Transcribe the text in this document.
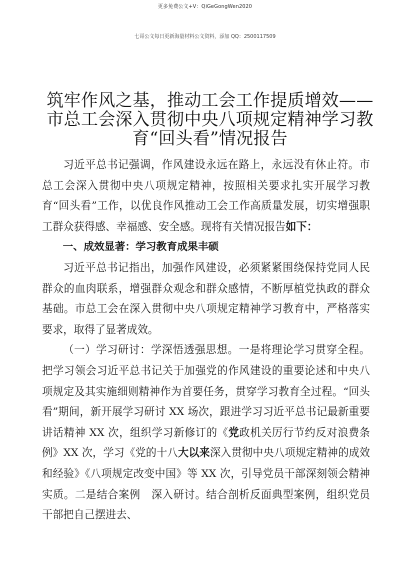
更多免费公文+V：QiGeGongWen2020
七哥公文每日更新海量材料公文资料，添加 QQ：2500117509
筑牢作风之基，推动工会工作提质增效——市总工会深入贯彻中央八项规定精神学习教育“回头看”情况报告

习近平总书记强调，作风建设永远在路上，永远没有休止符。市总工会深入贯彻中央八项规定精神，按照相关要求扎实开展学习教育“回头看”工作，以优良作风推动工会工作高质量发展，切实增强职工群众获得感、幸福感、安全感。现将有关情况报告如下：

一、成效显著：学习教育成果丰硕

习近平总书记指出，加强作风建设，必须紧紧围绕保持党同人民群众的血肉联系，增强群众观念和群众感情，不断厚植党执政的群众基础。市总工会在深入贯彻中央八项规定精神学习教育中，严格落实要求，取得了显著成效。

（一）学习研讨：学深悟透强思想。一是将理论学习贯穿全程。把学习领会习近平总书记关于加强党的作风建设的重要论述和中央八项规定及其实施细则精神作为首要任务，贯穿学习教育全过程。“回头看”期间，新开展学习研讨 XX 场次，跟进学习习近平总书记最新重要讲话精神 XX 次，组织学习新修订的《党政机关厉行节约反对浪费条例》XX 次，学习《党的十八大以来深入贯彻中央八项规定精神的成效和经验》《八项规定改变中国》等 XX 次，引导党员干部深刻领会精神实质。二是结合案例　深入研讨。结合剖析反面典型案例，组织党员干部把自己摆进去、
